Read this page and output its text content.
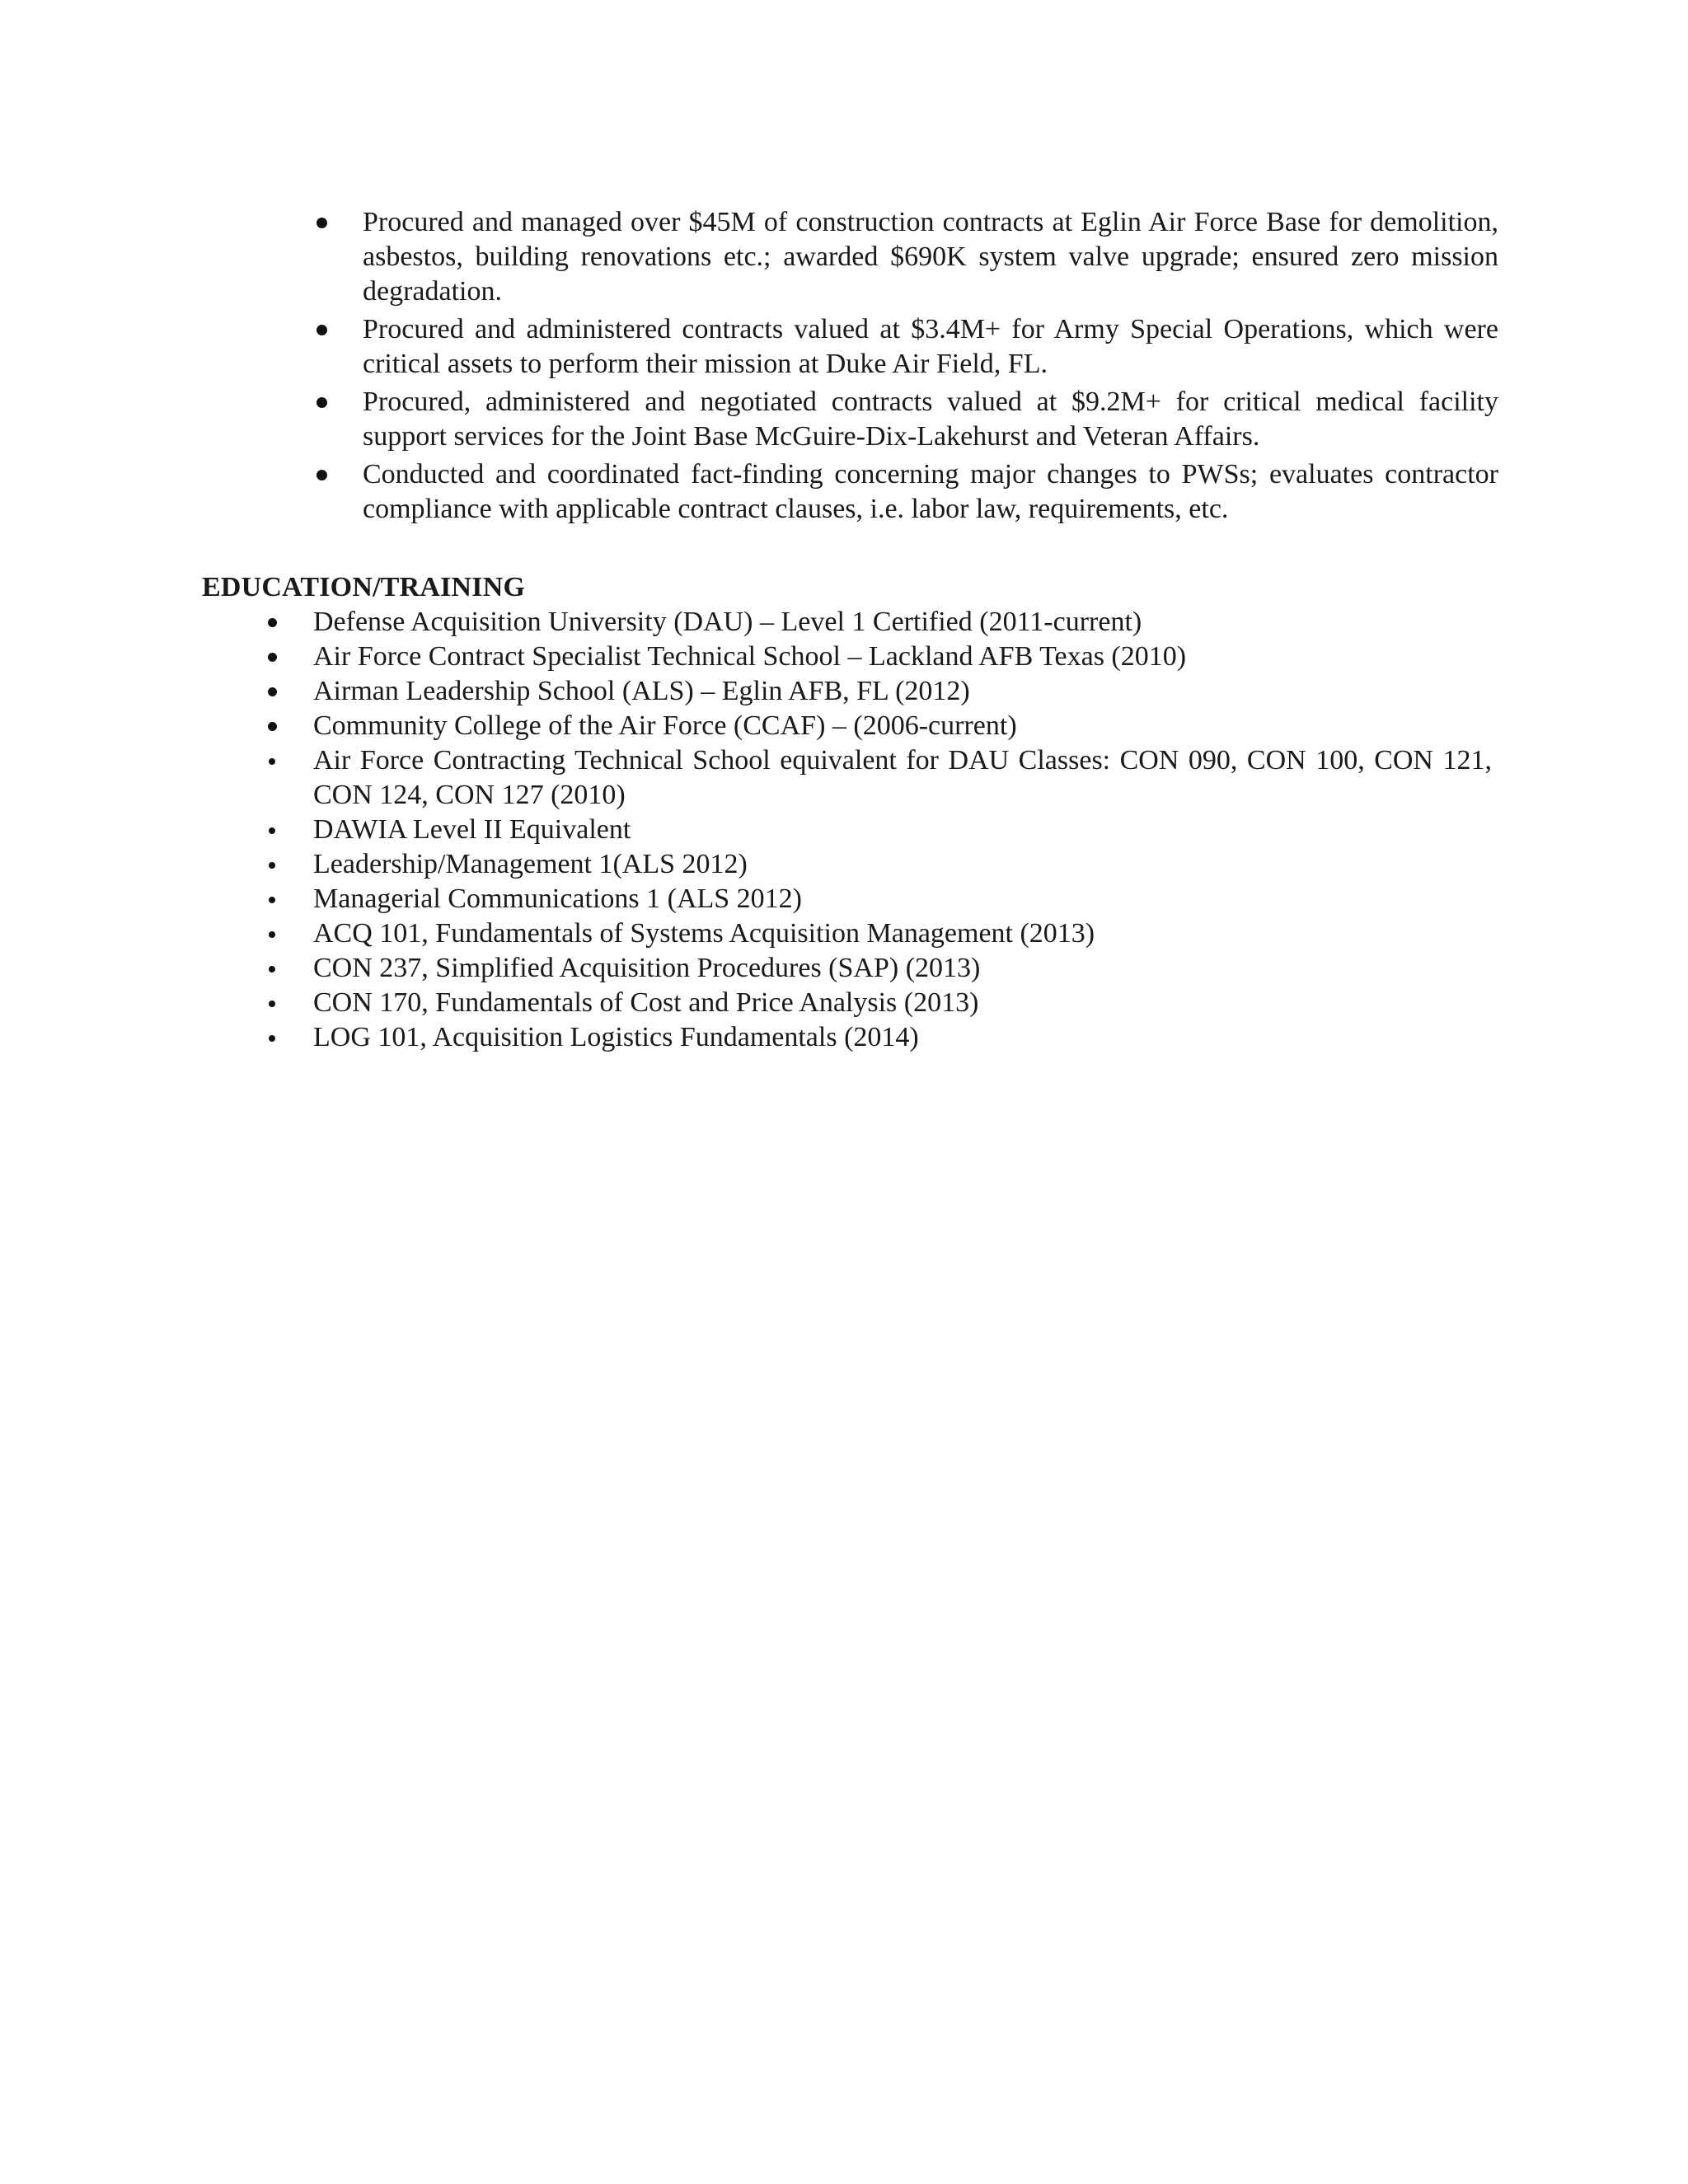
Procured and managed over $45M of construction contracts at Eglin Air Force Base for demolition, asbestos, building renovations etc.; awarded $690K system valve upgrade; ensured zero mission degradation.
Procured and administered contracts valued at $3.4M+ for Army Special Operations, which were critical assets to perform their mission at Duke Air Field, FL.
Procured, administered and negotiated contracts valued at $9.2M+ for critical medical facility support services for the Joint Base McGuire-Dix-Lakehurst and Veteran Affairs.
Conducted and coordinated fact-finding concerning major changes to PWSs; evaluates contractor compliance with applicable contract clauses, i.e. labor law, requirements, etc.
EDUCATION/TRAINING
Defense Acquisition University (DAU) – Level 1 Certified (2011-current)
Air Force Contract Specialist Technical School – Lackland AFB Texas (2010)
Airman Leadership School (ALS) – Eglin AFB, FL (2012)
Community College of the Air Force (CCAF) – (2006-current)
Air Force Contracting Technical School equivalent for DAU Classes: CON 090, CON 100, CON 121, CON 124, CON 127 (2010)
DAWIA Level II Equivalent
Leadership/Management 1(ALS 2012)
Managerial Communications 1 (ALS 2012)
ACQ 101, Fundamentals of Systems Acquisition Management (2013)
CON 237, Simplified Acquisition Procedures (SAP) (2013)
CON 170, Fundamentals of Cost and Price Analysis (2013)
LOG 101, Acquisition Logistics Fundamentals (2014)
